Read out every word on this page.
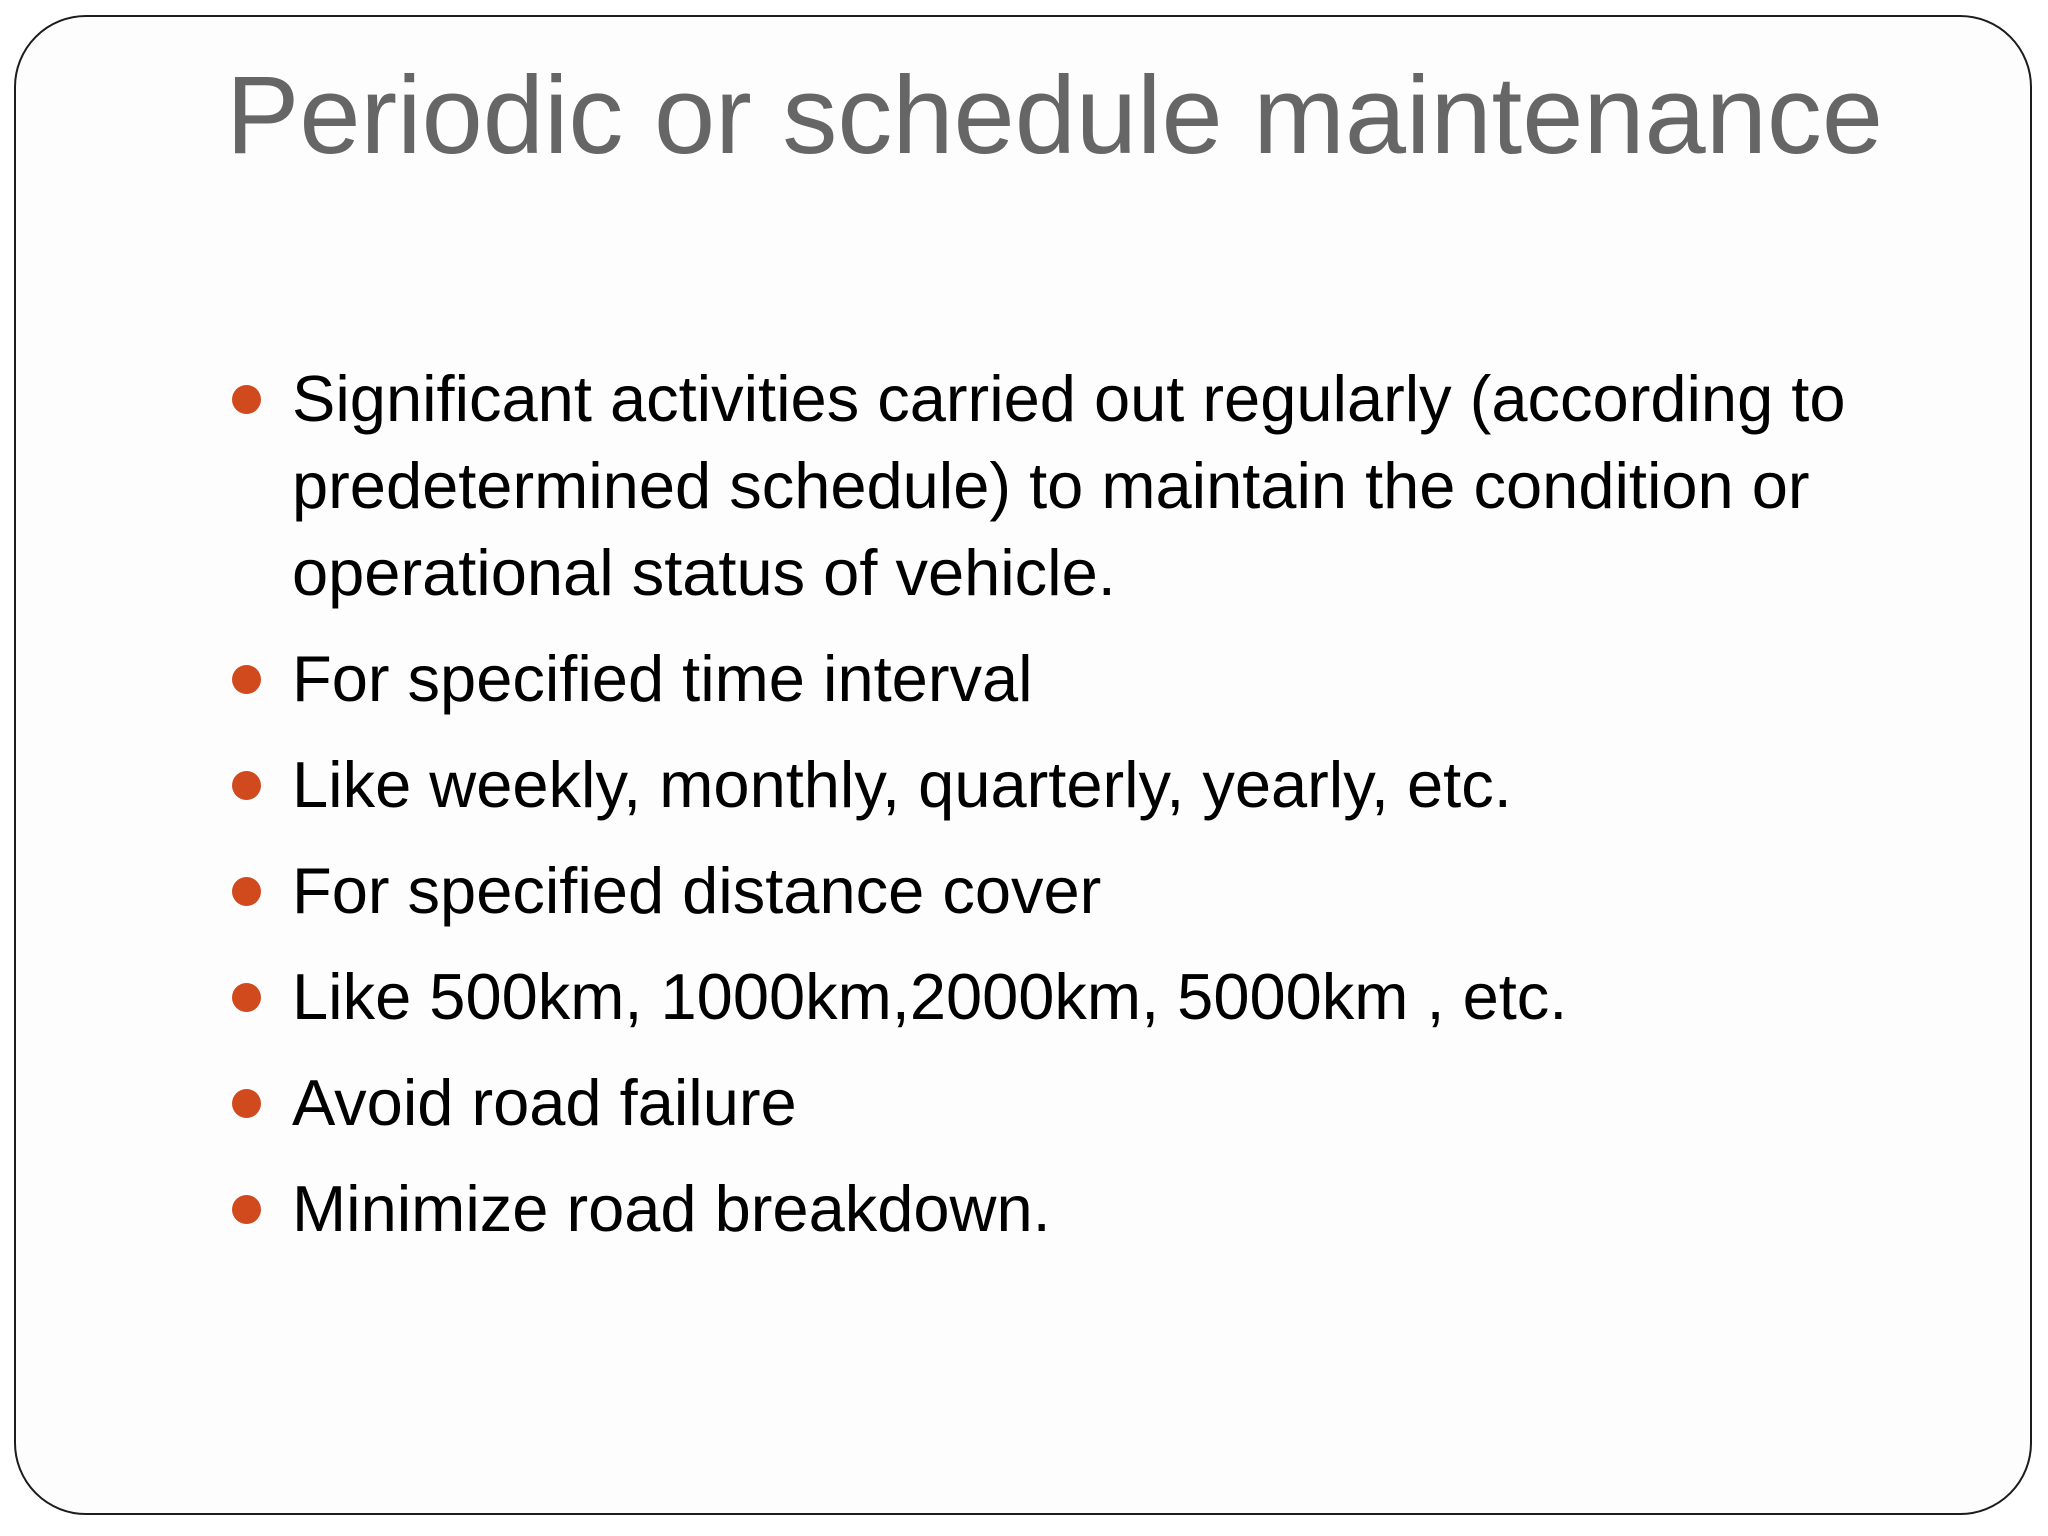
Periodic or schedule maintenance
Significant activities carried out regularly (according to predetermined schedule) to maintain the condition or operational status of vehicle.
For specified time interval
Like weekly, monthly, quarterly, yearly, etc.
For specified distance cover
Like 500km, 1000km,2000km, 5000km , etc.
Avoid road failure
Minimize road breakdown.
